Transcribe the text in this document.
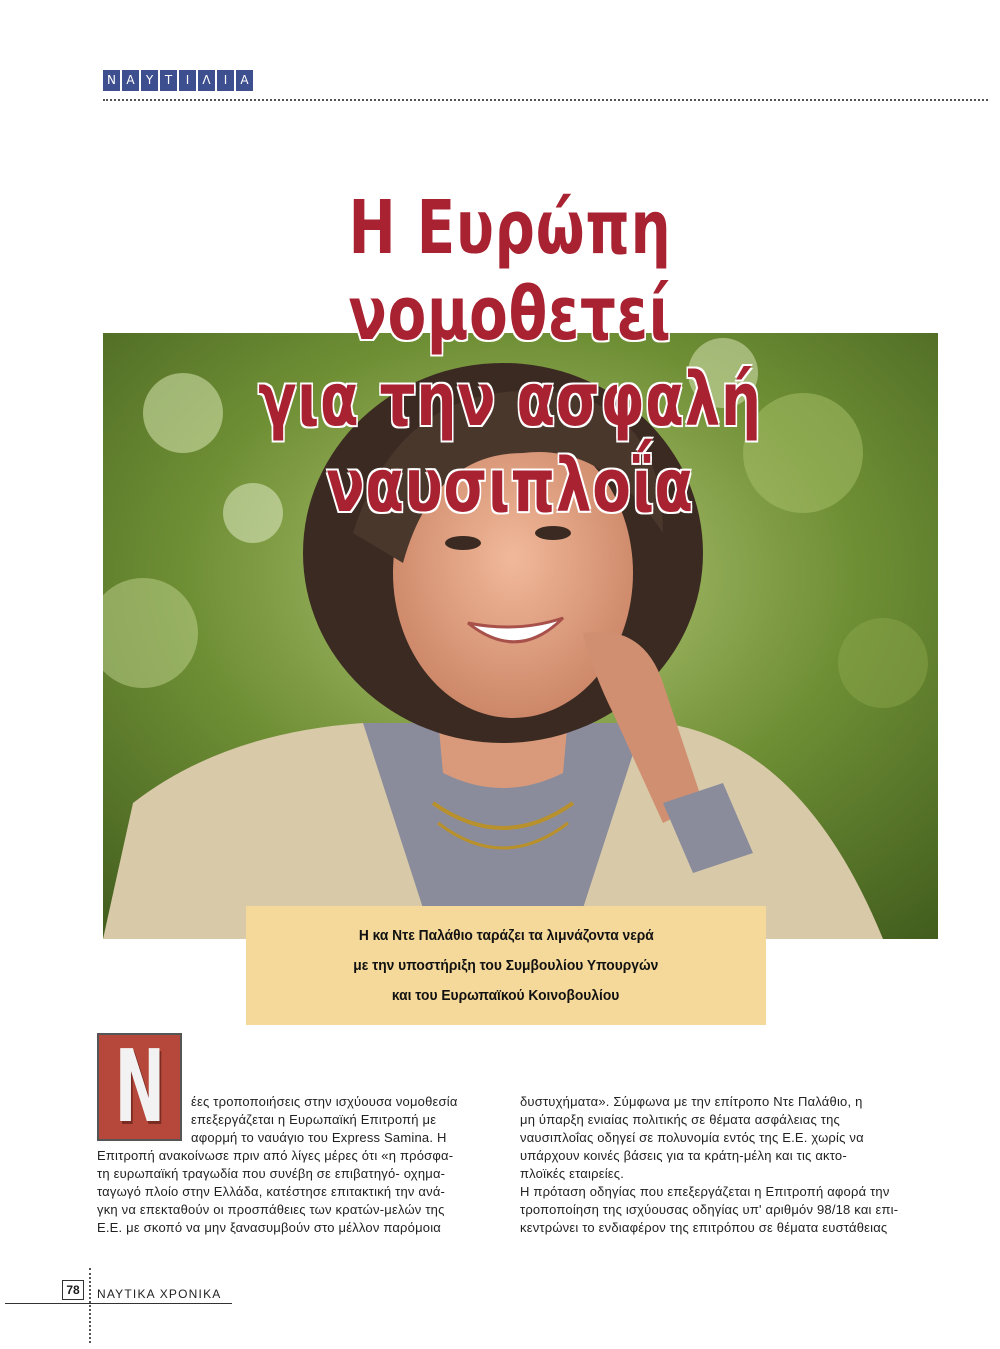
Ν Α Υ Τ	Ι	Λ	Ι	Α
Η Ευρώπη νομοθετεί
για την ασφαλή ναυσιπλοΐα
Η κα Ντε Παλάθιο ταράζει τα λιμνάζοντα νερά
με την υποστήριξη του Συμβουλίου Υπουργών
και του Ευρωπαϊκού Κοινοβουλίου
Ν έες τροποποιήσεις στην ισχύουσα νομοθεσία
επεξεργάζεται η Ευρωπαϊκή Επιτροπή με
αφορμή το ναυάγιο του Express Samina. Η
Επιτροπή ανακοίνωσε πριν από λίγες μέρες ότι «η πρόσφα-
τη ευρωπαϊκή τραγωδία που συνέβη σε επιβατηγό- οχημα-
ταγωγό πλοίο στην Ελλάδα, κατέστησε επιτακτική την ανά-
γκη να επεκταθούν οι προσπάθειες των κρατών-μελών της
Ε.Ε. με σκοπό να μην ξανασυμβούν στο μέλλον παρόμοια
δυστυχήματα». Σύμφωνα με την επίτροπο Ντε Παλάθιο, η
μη ύπαρξη ενιαίας πολιτικής σε θέματα ασφάλειας της
ναυσιπλοΐας οδηγεί σε πολυνομία εντός της Ε.Ε. χωρίς να
υπάρχουν κοινές βάσεις για τα κράτη-μέλη και τις ακτο-
πλοϊκές εταιρείες.
Η πρόταση οδηγίας που επεξεργάζεται η Επιτροπή αφορά την
τροποποίηση της ισχύουσας οδηγίας υπ' αριθμόν 98/18 και επι-
κεντρώνει το ενδιαφέρον της επιτρόπου σε θέματα ευστάθειας
78	ΝΑΥΤΙΚΑ ΧΡΟΝΙΚΑ
